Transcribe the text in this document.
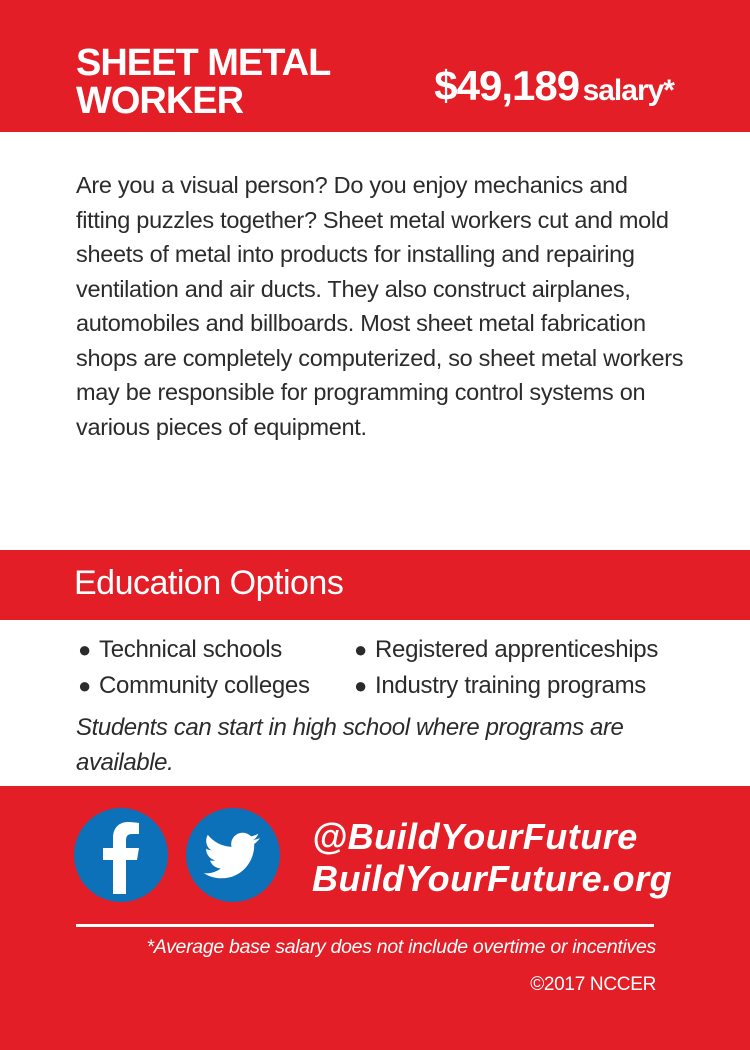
SHEET METAL
WORKER	$49,189 salary*
Are you a visual person? Do you enjoy mechanics and fitting puzzles together? Sheet metal workers cut and mold sheets of metal into products for installing and repairing ventilation and air ducts. They also construct airplanes, automobiles and billboards. Most sheet metal fabrication shops are completely computerized, so sheet metal workers may be responsible for programming control systems on various pieces of equipment.
Education Options
● Technical schools
● Community colleges
● Registered apprenticeships
● Industry training programs
Students can start in high school where programs are available.
@BuildYourFuture
BuildYourFuture.org
*Average base salary does not include overtime or incentives
©2017 NCCER
